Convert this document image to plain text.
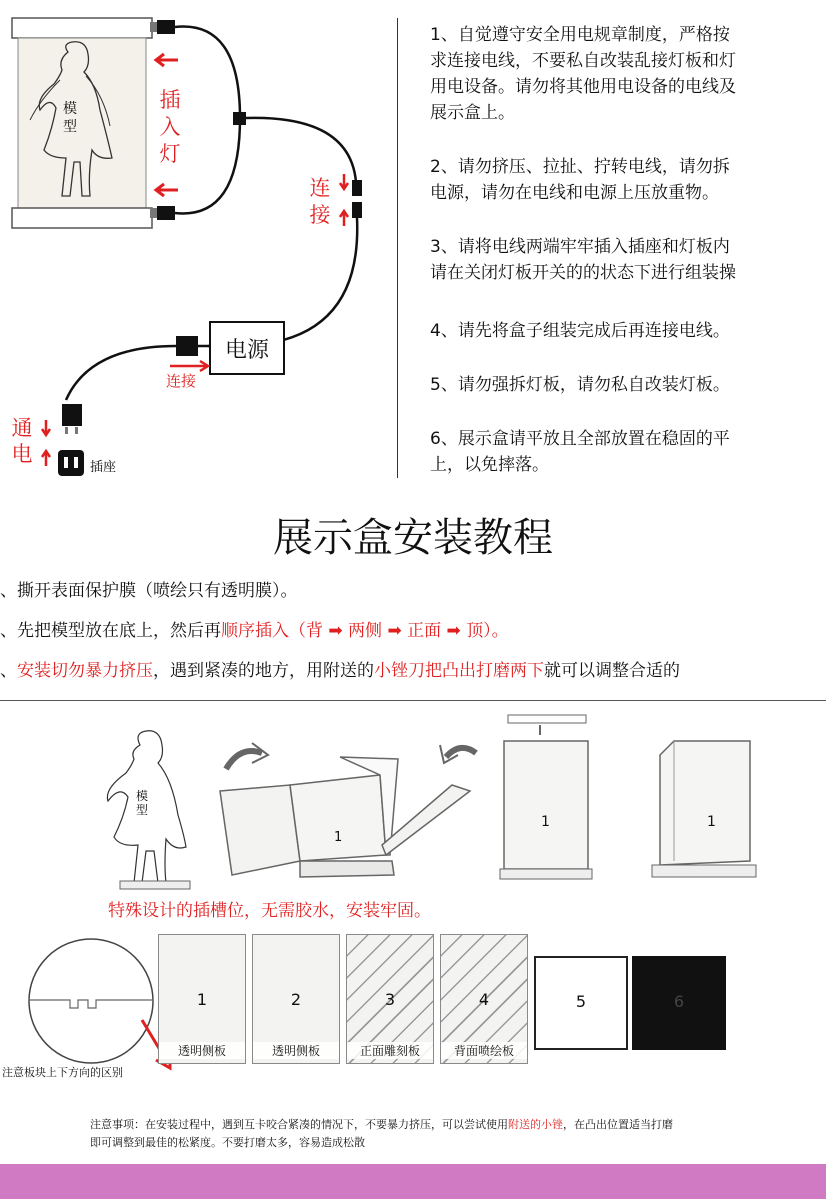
模型
插
入
灯
连
接
电源
连接
通
电
插座
1、自觉遵守安全用电规章制度，严格按
求连接电线，不要私自改装乱接灯板和灯
用电设备。请勿将其他用电设备的电线及
展示盒上。
2、请勿挤压、拉扯、拧转电线，请勿拆
电源，请勿在电线和电源上压放重物。
3、请将电线两端牢牢插入插座和灯板内
请在关闭灯板开关的的状态下进行组装操
4、请先将盒子组装完成后再连接电线。
5、请勿强拆灯板，请勿私自改装灯板。
6、展示盒请平放且全部放置在稳固的平
上，以免摔落。
展示盒安装教程
、撕开表面保护膜（喷绘只有透明膜）。
、先把模型放在底上，然后再顺序插入（背 ➡ 两侧 ➡ 正面 ➡ 顶）。
、安装切勿暴力挤压，遇到紧凑的地方，用附送的小锉刀把凸出打磨两下就可以调整合适的
模型
1
1	1
特殊设计的插槽位，无需胶水，安装牢固。
注意板块上下方向的区别
1
透明侧板
2
透明侧板
3
正面雕刻板
4
背面喷绘板
5	6
注意事项：在安装过程中，遇到互卡咬合紧凑的情况下，不要暴力挤压，可以尝试使用附送的小锉，在凸出位置适当打磨
即可调整到最佳的松紧度。不要打磨太多，容易造成松散
